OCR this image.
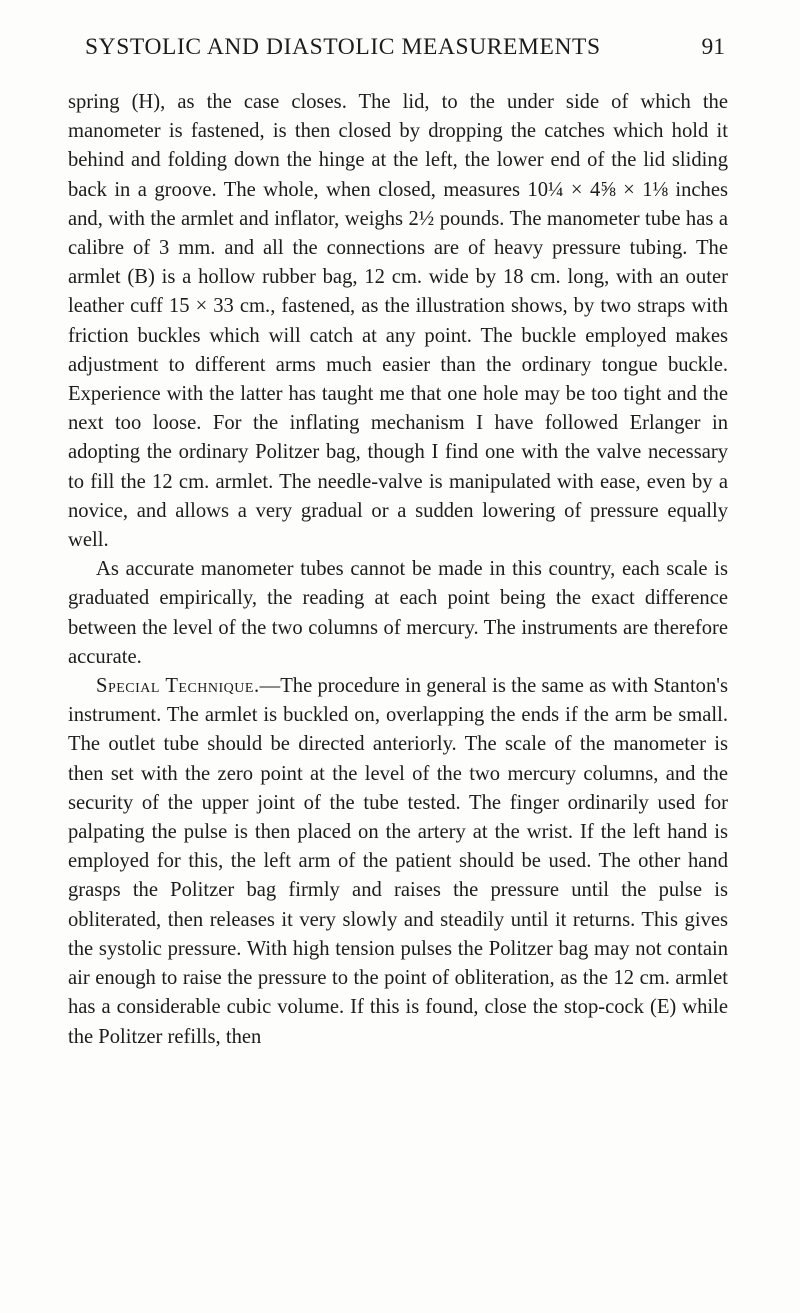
SYSTOLIC AND DIASTOLIC MEASUREMENTS	91

spring (H), as the case closes. The lid, to the under side of which the manometer is fastened, is then closed by dropping the catches which hold it behind and folding down the hinge at the left, the lower end of the lid sliding back in a groove. The whole, when closed, measures 10¼ × 4⅝ × 1⅛ inches and, with the armlet and inflator, weighs 2½ pounds. The manometer tube has a calibre of 3 mm. and all the connections are of heavy pressure tubing. The armlet (B) is a hollow rubber bag, 12 cm. wide by 18 cm. long, with an outer leather cuff 15 × 33 cm., fastened, as the illustration shows, by two straps with friction buckles which will catch at any point. The buckle employed makes adjustment to different arms much easier than the ordinary tongue buckle. Experience with the latter has taught me that one hole may be too tight and the next too loose. For the inflating mechanism I have followed Erlanger in adopting the ordinary Politzer bag, though I find one with the valve necessary to fill the 12 cm. armlet. The needle-valve is manipulated with ease, even by a novice, and allows a very gradual or a sudden lowering of pressure equally well.

As accurate manometer tubes cannot be made in this country, each scale is graduated empirically, the reading at each point being the exact difference between the level of the two columns of mercury. The instruments are therefore accurate.

Special Technique.—The procedure in general is the same as with Stanton's instrument. The armlet is buckled on, overlapping the ends if the arm be small. The outlet tube should be directed anteriorly. The scale of the manometer is then set with the zero point at the level of the two mercury columns, and the security of the upper joint of the tube tested. The finger ordinarily used for palpating the pulse is then placed on the artery at the wrist. If the left hand is employed for this, the left arm of the patient should be used. The other hand grasps the Politzer bag firmly and raises the pressure until the pulse is obliterated, then releases it very slowly and steadily until it returns. This gives the systolic pressure. With high tension pulses the Politzer bag may not contain air enough to raise the pressure to the point of obliteration, as the 12 cm. armlet has a considerable cubic volume. If this is found, close the stop-cock (E) while the Politzer refills, then
